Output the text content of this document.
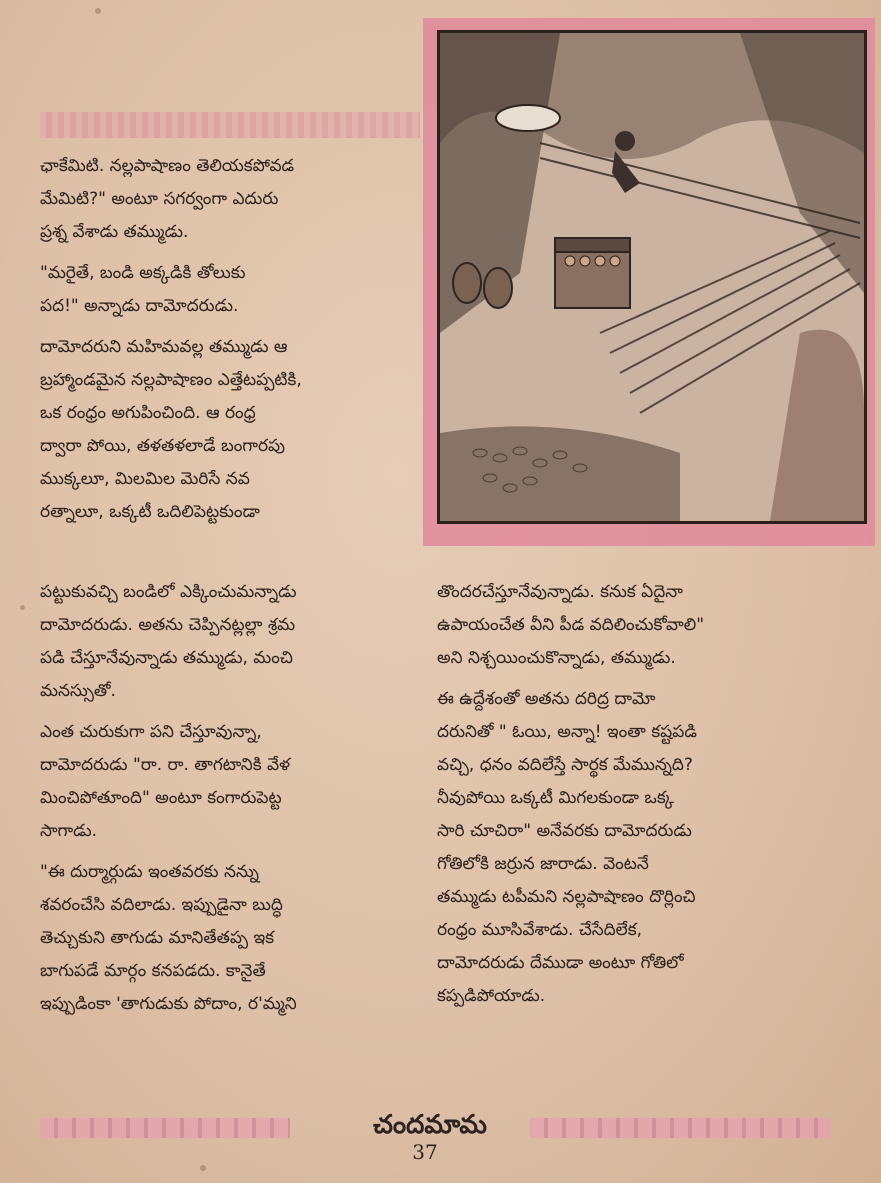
ఛాకేమిటి. నల్లపాషాణం తెలియకపోవడ
మేమిటి?" అంటూ సగర్వంగా ఎదురు
ప్రశ్న వేశాడు తమ్ముడు.

"మరైతే, బండి అక్కడికి తోలుకు
పద!" అన్నాడు దామోదరుడు.

దామోదరుని మహిమవల్ల తమ్ముడు ఆ
బ్రహ్మాండమైన నల్లపాషాణం ఎత్తేటప్పటికి,
ఒక రంధ్రం అగుపించింది. ఆ రంధ్ర
ద్వారా పోయి, తళతళలాడే బంగారపు
ముక్కలూ, మిలమిల మెరిసే నవ
రత్నాలూ, ఒక్కటీ ఒదిలిపెట్టకుండా

పట్టుకువచ్చి బండిలో ఎక్కించుమన్నాడు
దామోదరుడు. అతను చెప్పినట్లల్లా శ్రమ
పడి చేస్తూనేవున్నాడు తమ్ముడు, మంచి
మనస్సుతో.

ఎంత చురుకుగా పని చేస్తూవున్నా,
దామోదరుడు "రా. రా. తాగటానికి వేళ
మించిపోతూంది" అంటూ కంగారుపెట్ట
సాగాడు.

"ఈ దుర్మార్గుడు ఇంతవరకు నన్ను
శవరంచేసి వదిలాడు. ఇప్పుడైనా బుద్ధి
తెచ్చుకుని తాగుడు మానితేతప్ప ఇక
బాగుపడే మార్గం కనపడదు. కానైతే
ఇప్పుడింకా 'తాగుడుకు పోదాం, ర'మ్మని

తొందరచేస్తూనేవున్నాడు. కనుక ఏదైనా
ఉపాయంచేత వీని పీడ వదిలించుకోవాలి"
అని నిశ్చయించుకొన్నాడు, తమ్ముడు.

ఈ ఉద్దేశంతో అతను దరిద్ర దామో
దరునితో " ఓయి, అన్నా! ఇంతా కష్టపడి
వచ్చి, ధనం వదిలేస్తే సార్థక మేమున్నది?
నీవుపోయి ఒక్కటీ మిగలకుండా ఒక్క
సారి చూచిరా" అనేవరకు దామోదరుడు
గోతిలోకి జర్రున జారాడు. వెంటనే
తమ్ముడు టపీమని నల్లపాషాణం దొర్లించి
రంధ్రం మూసివేశాడు. చేసేదిలేక,
దామోదరుడు దేముడా అంటూ గోతిలో
కప్పడిపోయాడు.

చందమామ
37
